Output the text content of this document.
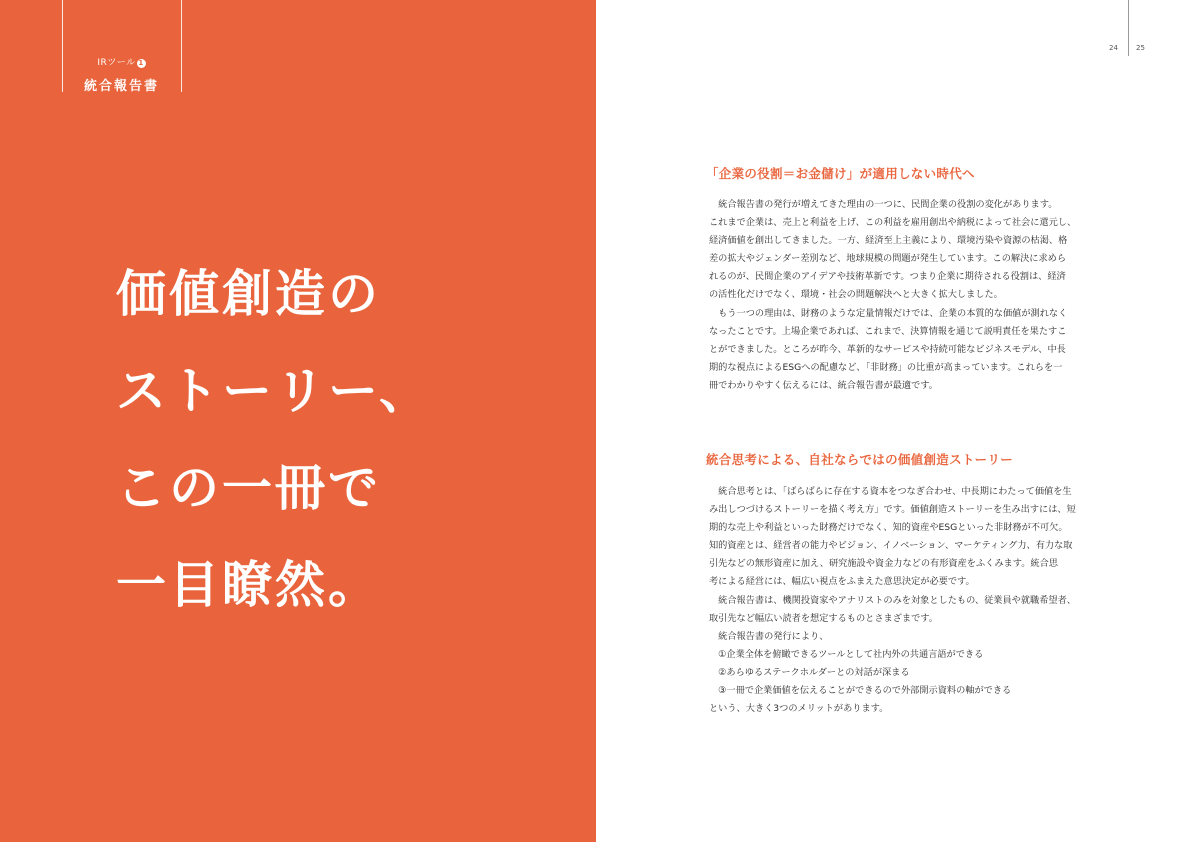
IRツール 1
統合報告書
価値創造の
ストーリー、
この一冊で
一目瞭然。
24	25
「企業の役割＝お金儲け」が適用しない時代へ
　統合報告書の発行が増えてきた理由の一つに、民間企業の役割の変化があります。
これまで企業は、売上と利益を上げ、この利益を雇用創出や納税によって社会に還元し、
経済価値を創出してきました。一方、経済至上主義により、環境汚染や資源の枯渇、格
差の拡大やジェンダー差別など、地球規模の問題が発生しています。この解決に求めら
れるのが、民間企業のアイデアや技術革新です。つまり企業に期待される役割は、経済
の活性化だけでなく、環境・社会の問題解決へと大きく拡大しました。
　もう一つの理由は、財務のような定量情報だけでは、企業の本質的な価値が測れなく
なったことです。上場企業であれば、これまで、決算情報を通じて説明責任を果たすこ
とができました。ところが昨今、革新的なサービスや持続可能なビジネスモデル、中長
期的な視点によるESGへの配慮など、「非財務」の比重が高まっています。これらを一
冊でわかりやすく伝えるには、統合報告書が最適です。
統合思考による、自社ならではの価値創造ストーリー
　統合思考とは、「ばらばらに存在する資本をつなぎ合わせ、中長期にわたって価値を生
み出しつづけるストーリーを描く考え方」です。価値創造ストーリーを生み出すには、短
期的な売上や利益といった財務だけでなく、知的資産やESGといった非財務が不可欠。
知的資産とは、経営者の能力やビジョン、イノベーション、マーケティング力、有力な取
引先などの無形資産に加え、研究施設や資金力などの有形資産をふくみます。統合思
考による経営には、幅広い視点をふまえた意思決定が必要です。
　統合報告書は、機関投資家やアナリストのみを対象としたもの、従業員や就職希望者、
取引先など幅広い読者を想定するものとさまざまです。
　統合報告書の発行により、
　①企業全体を俯瞰できるツールとして社内外の共通言語ができる
　②あらゆるステークホルダーとの対話が深まる
　③一冊で企業価値を伝えることができるので外部開示資料の軸ができる
という、大きく3つのメリットがあります。
